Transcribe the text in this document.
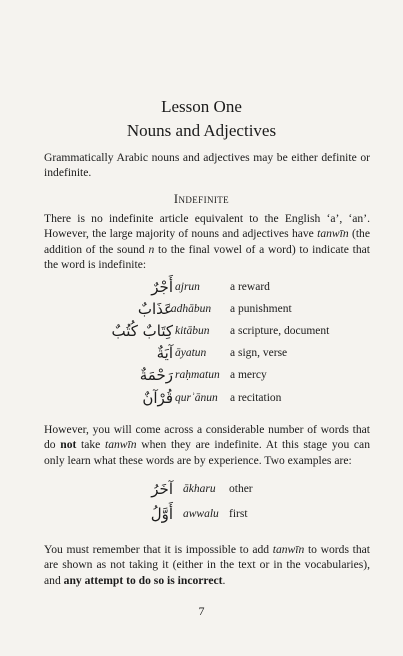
Lesson One
Nouns and Adjectives
Grammatically Arabic nouns and adjectives may be either definite or indefinite.
Indefinite
There is no indefinite article equivalent to the English ‘a’, ‘an’. However, the large majority of nouns and adjectives have tanwīn (the addition of the sound n to the final vowel of a word) to indicate that the word is indefinite:
أَجْرٌ ajrun	a reward
عَذَابٌ
ʿadhābun a punishment
كِتَابٌ كُتُبٌ kitābun a scripture, document
آيَةٌ āyatun a sign, verse
رَحْمَةٌ raḥmatun a mercy
قُرْآنٌ qurʾānun a recitation
However, you will come across a considerable number of words that do not take tanwīn when they are indefinite. At this stage you can only learn what these words are by experience. Two examples are:
آخَرُ ākharu other
أَوَّلُ awwalu first
You must remember that it is impossible to add tanwīn to words that are shown as not taking it (either in the text or in the vocabularies), and any attempt to do so is incorrect.
7
